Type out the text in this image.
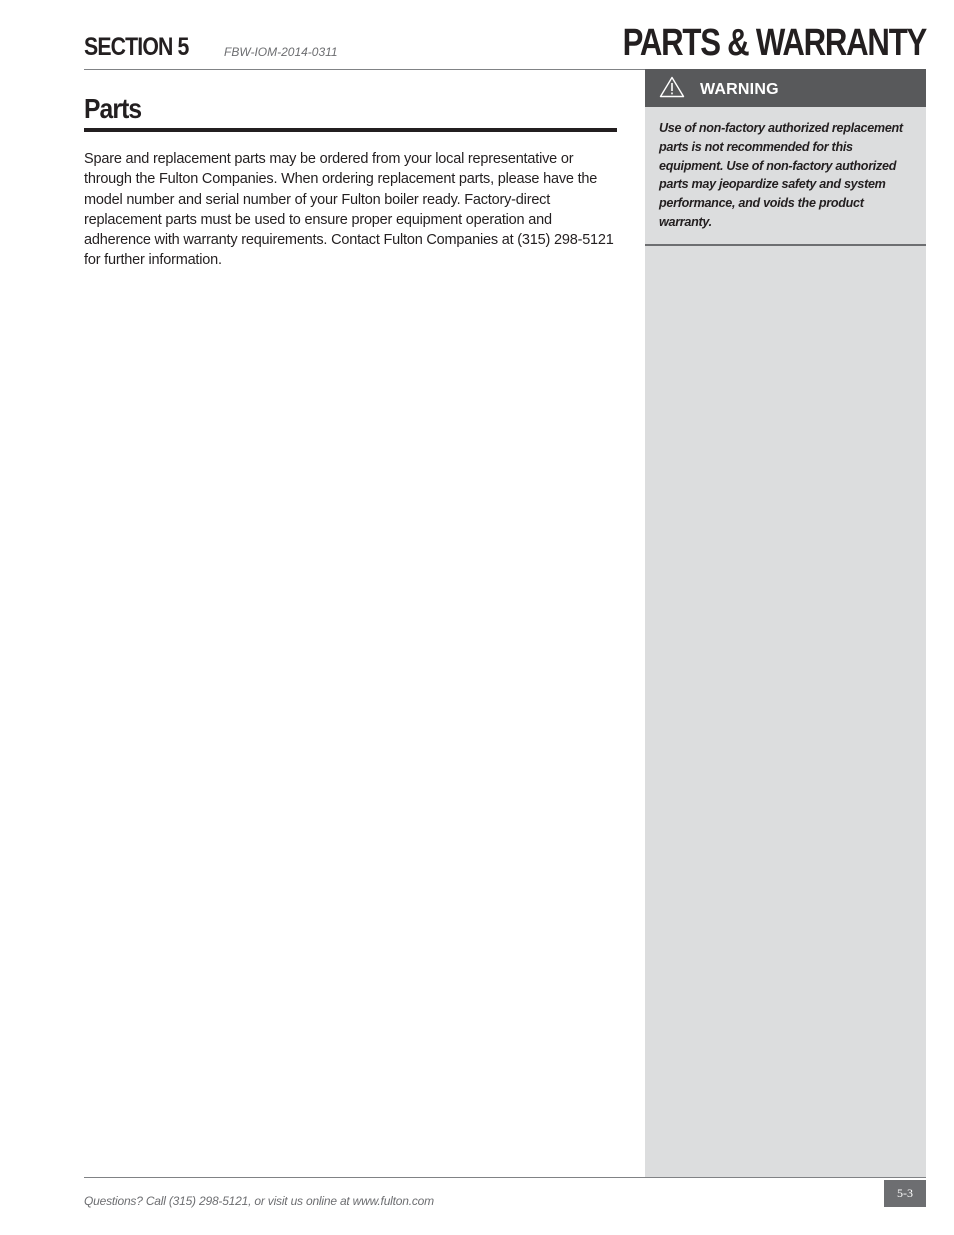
SECTION 5	FBW-IOM-2014-0311	PARTS & WARRANTY
Parts

Spare and replacement parts may be ordered from your local representative or through the Fulton Companies. When ordering replacement parts, please have the model number and serial number of your Fulton boiler ready. Factory-direct replacement parts must be used to ensure proper equipment operation and adherence with warranty requirements. Contact Fulton Companies at (315) 298-5121 for further information.

WARNING

Use of non-factory authorized replacement parts is not recommended for this equipment. Use of non-factory authorized parts may jeopardize safety and system performance, and voids the product warranty.

Questions? Call (315) 298-5121, or visit us online at www.fulton.com
5-3
